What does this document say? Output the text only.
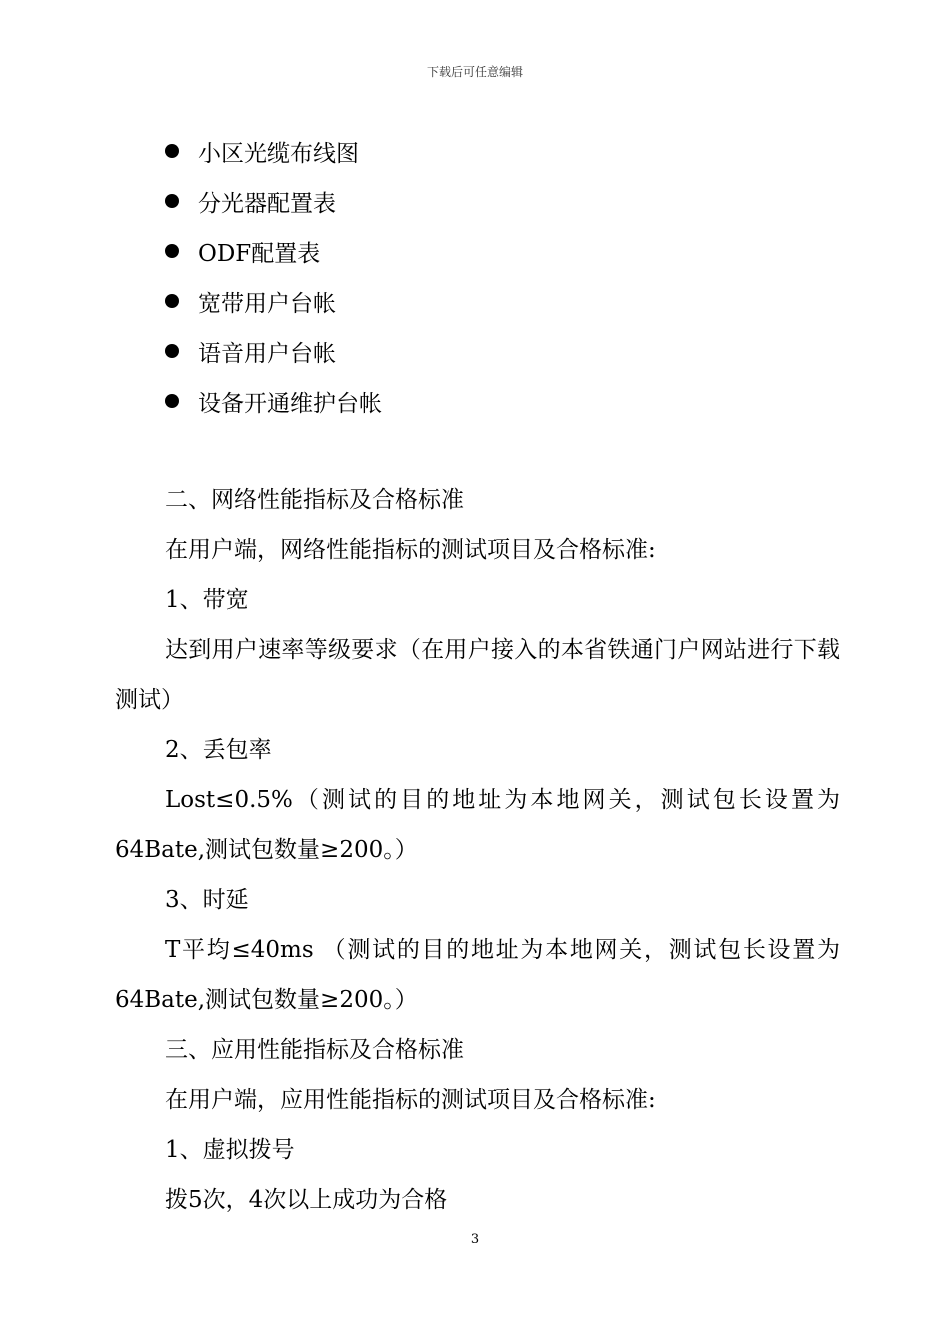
下载后可任意编辑
小区光缆布线图
分光器配置表
ODF配置表
宽带用户台帐
语音用户台帐
设备开通维护台帐

二、网络性能指标及合格标准

在用户端，网络性能指标的测试项目及合格标准:

1、带宽

达到用户速率等级要求（在用户接入的本省铁通门户网站进行下载测试）

2、丢包率

Lost≤0.5%（测试的目的地址为本地网关，测试包长设置为64Bate,测试包数量≥200。）

3、时延

T平均≤40ms （测试的目的地址为本地网关，测试包长设置为64Bate,测试包数量≥200。）

三、应用性能指标及合格标准

在用户端，应用性能指标的测试项目及合格标准:

1、虚拟拨号

拨5次，4次以上成功为合格

3
